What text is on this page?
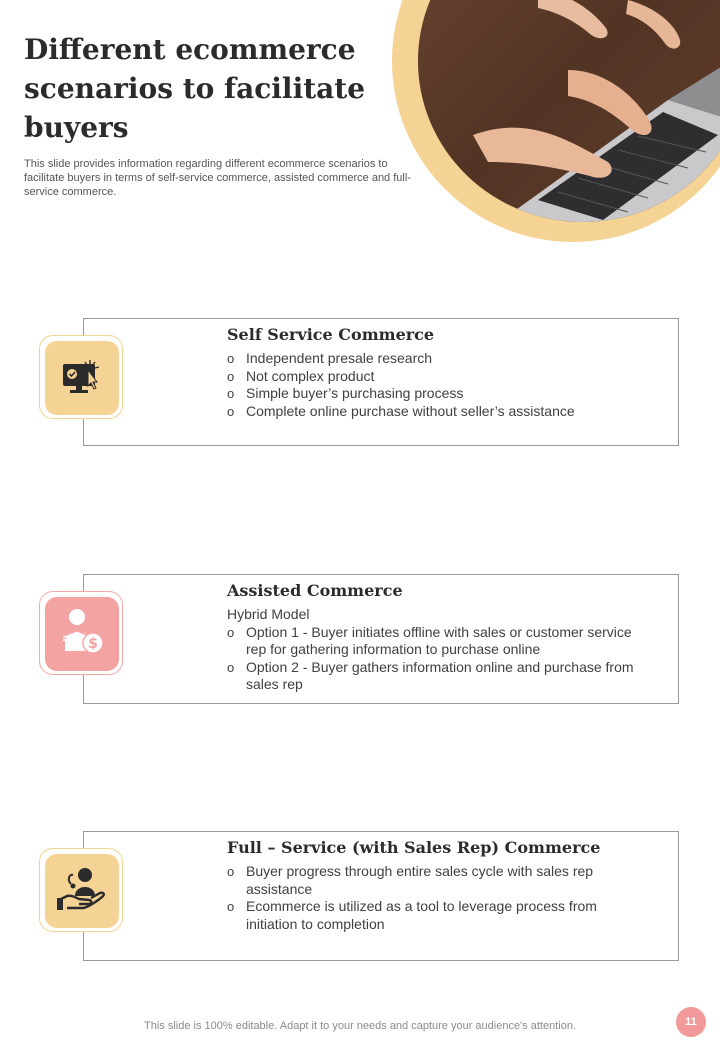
Different ecommerce scenarios to facilitate buyers

This slide provides information regarding different ecommerce scenarios to facilitate buyers in terms of self-service commerce, assisted commerce and full-service commerce.

Self Service Commerce
o Independent presale research
o Not complex product
o Simple buyer’s purchasing process
o Complete online purchase without seller’s assistance
Assisted Commerce

Hybrid Model

o Option 1 - Buyer initiates offline with sales or customer service rep for gathering information to purchase online
o Option 2 - Buyer gathers information online and purchase from sales rep
$
Full – Service (with Sales Rep) Commerce
o Buyer progress through entire sales cycle with sales rep assistance
o Ecommerce is utilized as a tool to leverage process from initiation to completion
This slide is 100% editable. Adapt it to your needs and capture your audience's attention.	11
